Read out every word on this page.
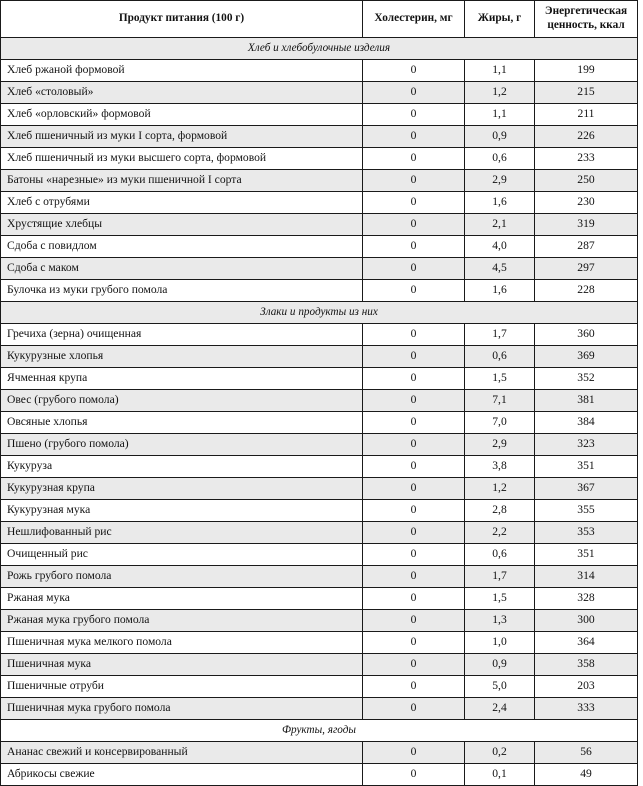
Продукт питания (100 г)	Холестерин, мг	Жиры, г	Энергетическая
ценность, ккал
Хлеб и хлебобулочные изделия			
Хлеб ржаной формовой	0	1,1	199
Хлеб «столовый»	0	1,2	215
Хлеб «орловский» формовой	0	1,1	211
Хлеб пшеничный из муки I сорта, формовой	0	0,9	226
Хлеб пшеничный из муки высшего сорта, формовой	0	0,6	233
Батоны «нарезные» из муки пшеничной I сорта	0	2,9	250
Хлеб с отрубями	0	1,6	230
Хрустящие хлебцы	0	2,1	319
Сдоба с повидлом	0	4,0	287
Сдоба с маком	0	4,5	297
Булочка из муки грубого помола	0	1,6	228
Злаки и продукты из них			
Гречиха (зерна) очищенная	0	1,7	360
Кукурузные хлопья	0	0,6	369
Ячменная крупа	0	1,5	352
Овес (грубого помола)	0	7,1	381
Овсяные хлопья	0	7,0	384
Пшено (грубого помола)	0	2,9	323
Кукуруза	0	3,8	351
Кукурузная крупа	0	1,2	367
Кукурузная мука	0	2,8	355
Нешлифованный рис	0	2,2	353
Очищенный рис	0	0,6	351
Рожь грубого помола	0	1,7	314
Ржаная мука	0	1,5	328
Ржаная мука грубого помола	0	1,3	300
Пшеничная мука мелкого помола	0	1,0	364
Пшеничная мука	0	0,9	358
Пшеничные отруби	0	5,0	203
Пшеничная мука грубого помола	0	2,4	333
Фрукты, ягоды			
Ананас свежий и консервированный	0	0,2	56
Абрикосы свежие	0	0,1	49
